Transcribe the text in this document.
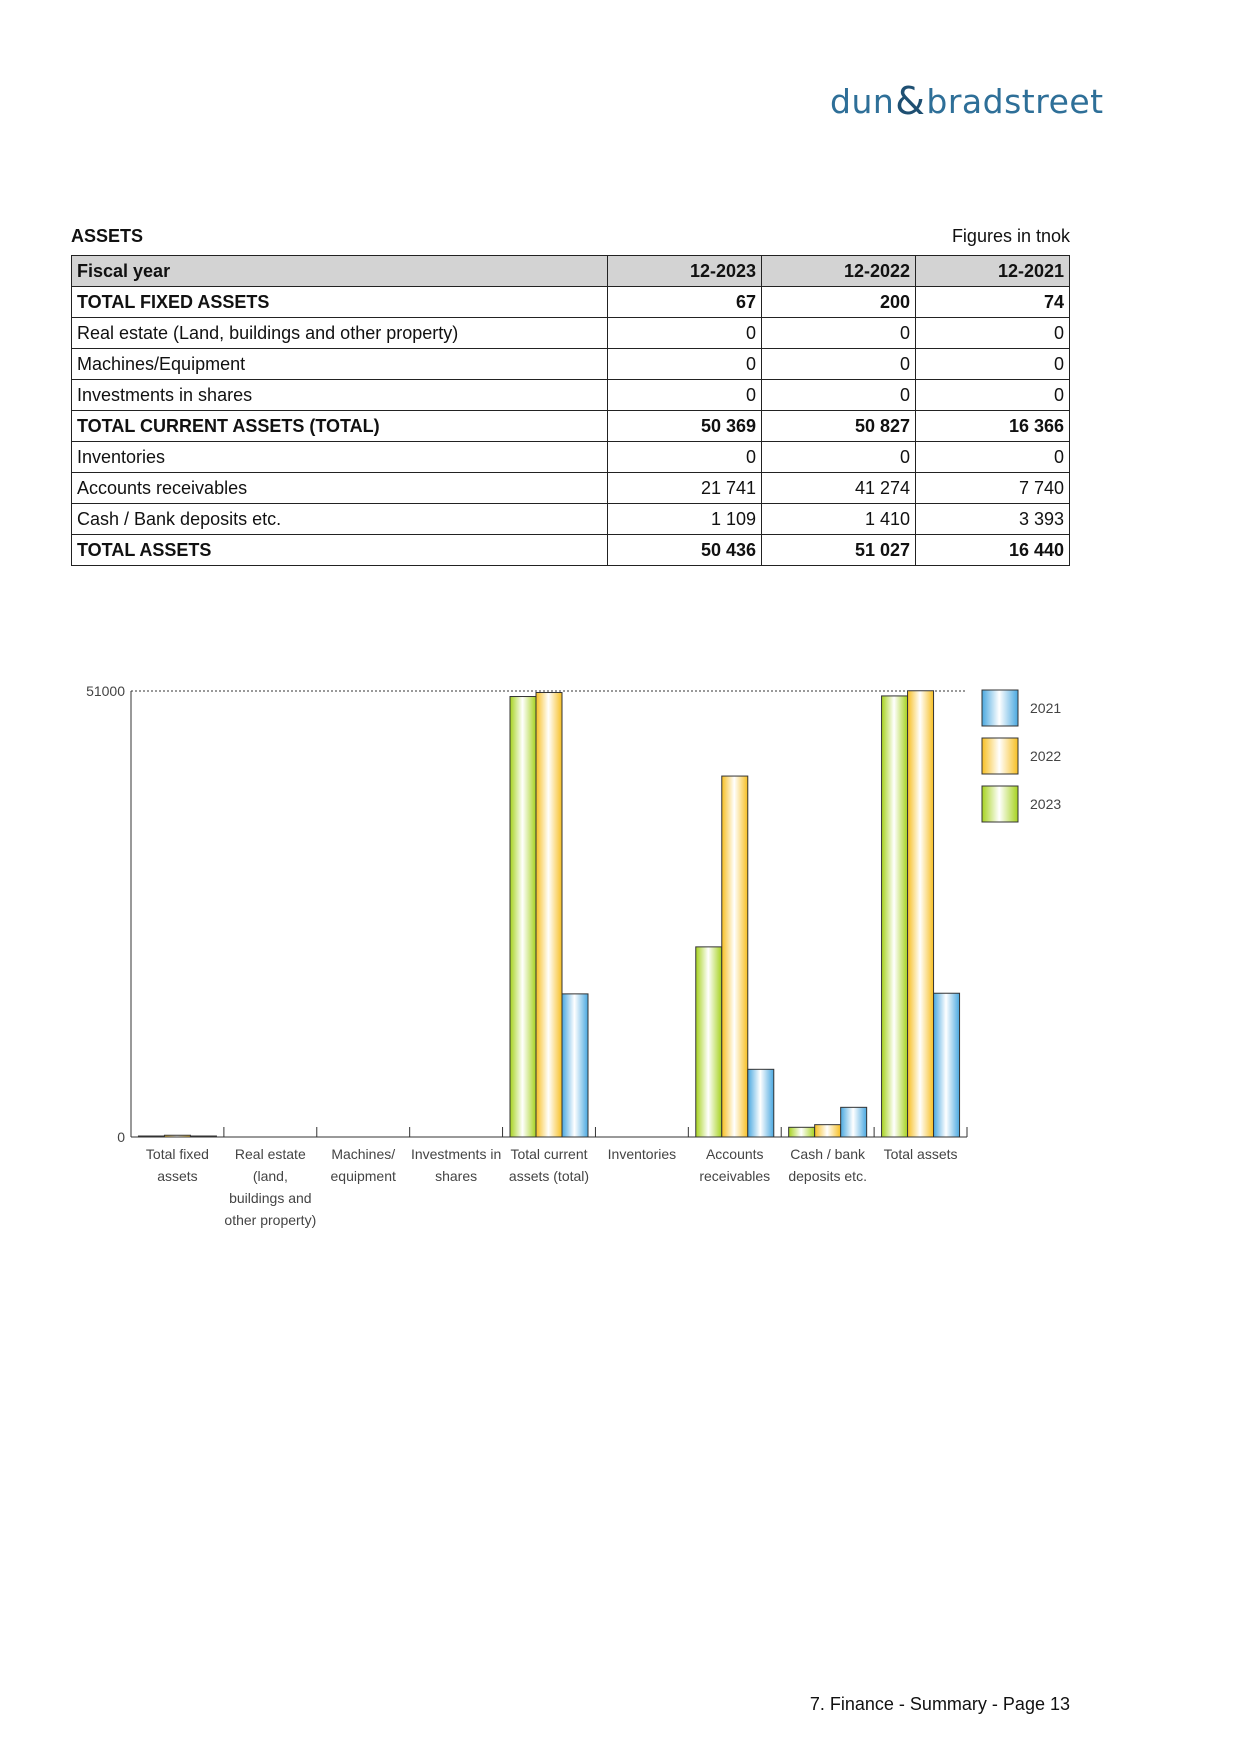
dun & bradstreet
ASSETS	Figures in tnok
Fiscal year	12-2023	12-2022	12-2021
TOTAL FIXED ASSETS	67	200	74
Real estate (Land, buildings and other property)	0	0	0
Machines/Equipment	0	0	0
Investments in shares	0	0	0
TOTAL CURRENT ASSETS (TOTAL)	50 369	50 827	16 366
Inventories	0	0	0
Accounts receivables	21 741	41 274	7 740
Cash / Bank deposits etc.	1 109	1 410	3 393
TOTAL ASSETS	50 436	51 027	16 440
51000
0
Total fixed assets
Real estate (land, buildings and other property)
Machines/ equipment
Investments in shares
Total current assets (total)
Inventories	Accounts receivables
Cash / bank deposits etc.
Total assets
2021
2022
2023
7. Finance - Summary - Page 13
